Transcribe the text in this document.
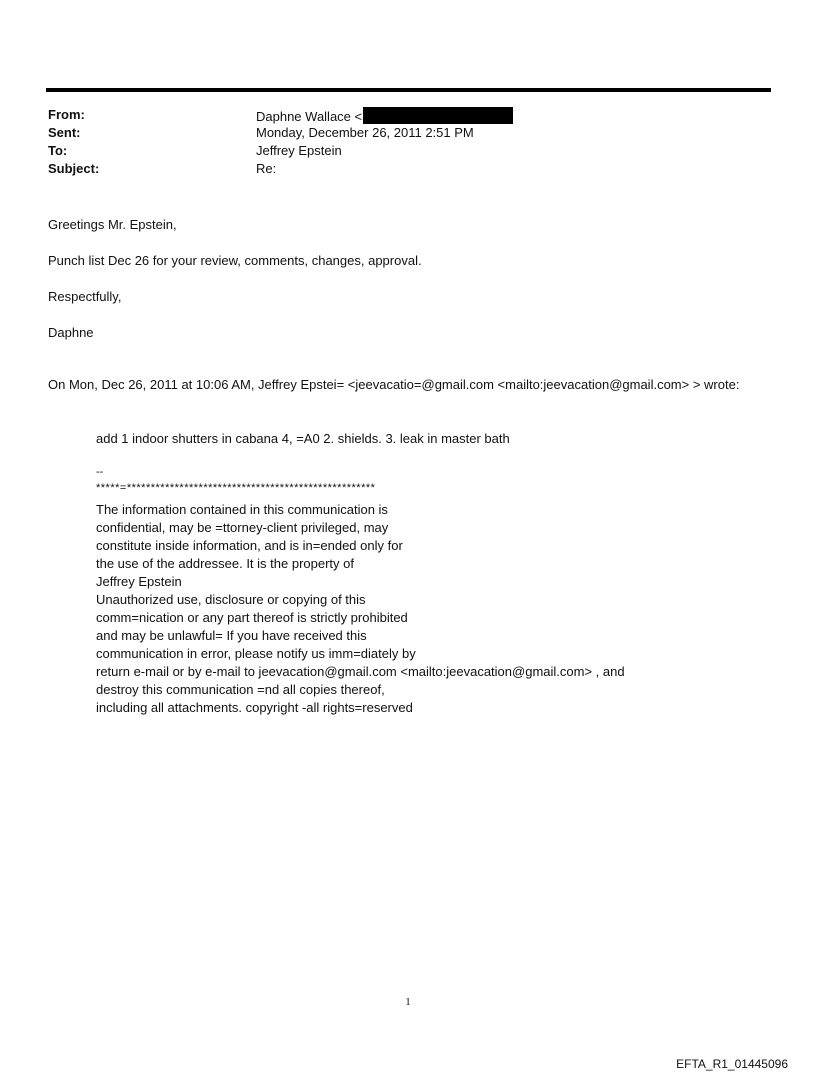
From:	Daphne Wallace <
Sent:	Monday, December 26, 2011 2:51 PM
To:	Jeffrey Epstein
Subject:	Re:
Greetings Mr. Epstein,
Punch list Dec 26 for your review, comments, changes, approval.
Respectfully,
Daphne
On Mon, Dec 26, 2011 at 10:06 AM, Jeffrey Epstei= <jeevacatio=@gmail.com <mailto:jeevacation@gmail.com> > wrote:
add 1 indoor shutters in cabana 4, =A0 2. shields. 3. leak in master bath
--
*****=****************************************************
The information contained in this communication is
confidential, may be =ttorney-client privileged, may
constitute inside information, and is in=ended only for
the use of the addressee. It is the property of
Jeffrey Epstein
Unauthorized use, disclosure or copying of this
comm=nication or any part thereof is strictly prohibited
and may be unlawful= If you have received this
communication in error, please notify us imm=diately by
return e-mail or by e-mail to jeevacation@gmail.com <mailto:jeevacation@gmail.com> , and
destroy this communication =nd all copies thereof,
including all attachments. copyright -all rights=reserved
1
EFTA_R1_01445096
